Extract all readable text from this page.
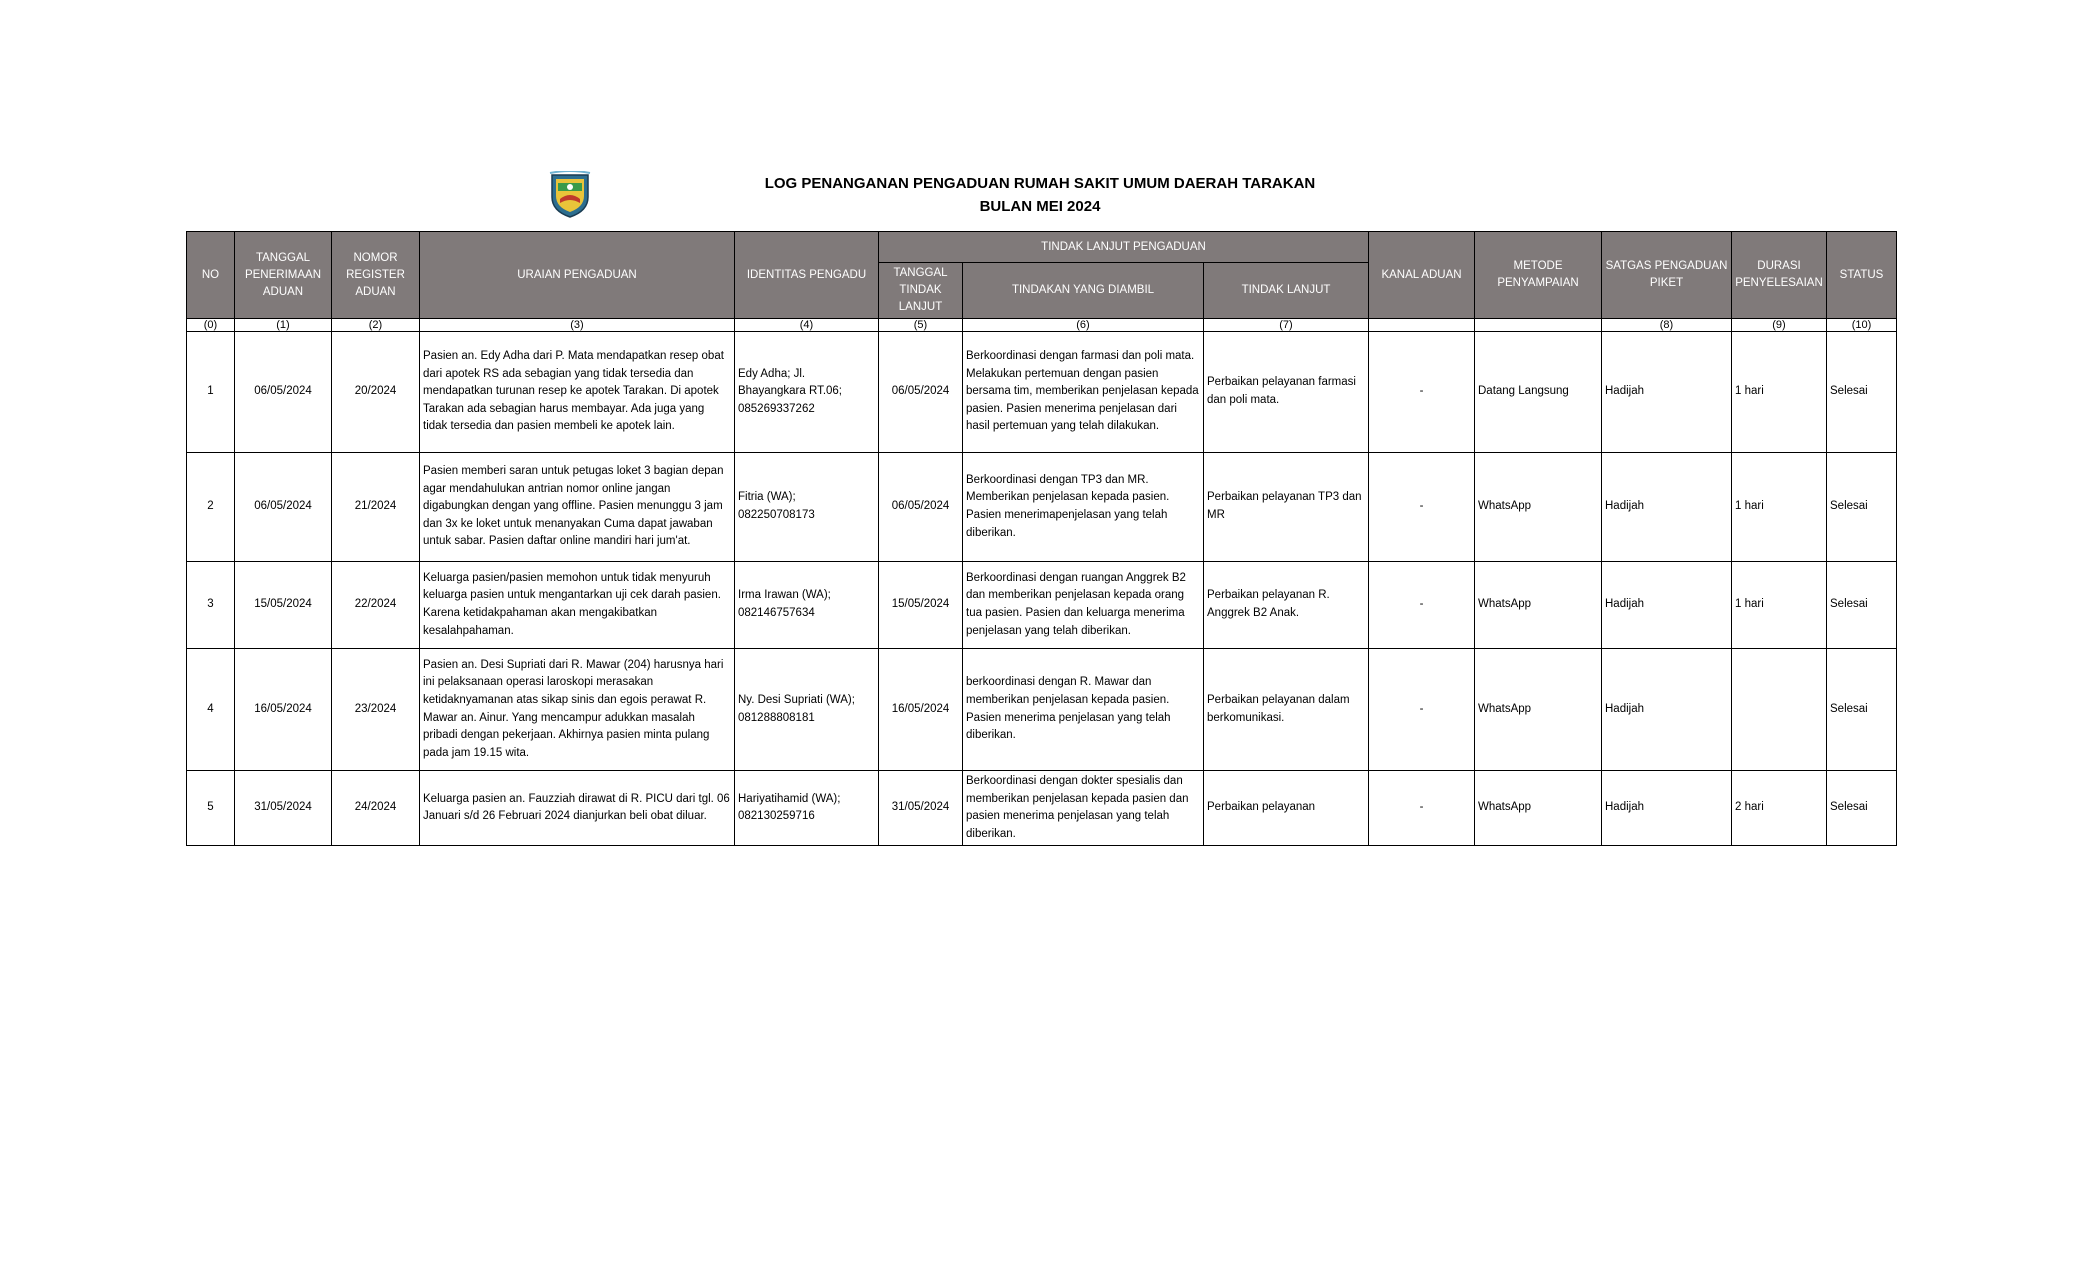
LOG PENANGANAN PENGADUAN RUMAH SAKIT UMUM DAERAH TARAKAN
BULAN MEI 2024
NO	TANGGAL PENERIMAAN ADUAN	NOMOR REGISTER ADUAN	URAIAN PENGADUAN	IDENTITAS PENGADU	TINDAK LANJUT PENGADUAN			KANAL ADUAN	METODE PENYAMPAIAN	SATGAS PENGADUAN PIKET	DURASI PENYELESAIAN	STATUS
					TANGGAL TINDAK LANJUT	TINDAKAN YANG DIAMBIL	TINDAK LANJUT					
(0)	(1)	(2)	(3)	(4)	(5)	(6)	(7)			(8)	(9)	(10)
1	06/05/2024	20/2024	Pasien an. Edy Adha dari P. Mata mendapatkan resep obat dari apotek RS ada sebagian yang tidak tersedia dan mendapatkan turunan resep ke apotek Tarakan. Di apotek Tarakan ada sebagian harus membayar. Ada juga yang tidak tersedia dan pasien membeli ke apotek lain.	Edy Adha; Jl. Bhayangkara RT.06; 085269337262	06/05/2024	Berkoordinasi dengan farmasi dan poli mata. Melakukan pertemuan dengan pasien bersama tim, memberikan penjelasan kepada pasien. Pasien menerima penjelasan dari hasil pertemuan yang telah dilakukan.	Perbaikan pelayanan farmasi dan poli mata.	-	Datang Langsung	Hadijah	1 hari	Selesai
2	06/05/2024	21/2024	Pasien memberi saran untuk petugas loket 3 bagian depan agar mendahulukan antrian nomor online jangan digabungkan dengan yang offline. Pasien menunggu 3 jam dan 3x ke loket untuk menanyakan Cuma dapat jawaban untuk sabar. Pasien daftar online mandiri hari jum'at.	Fitria (WA); 082250708173	06/05/2024	Berkoordinasi dengan TP3 dan MR. Memberikan penjelasan kepada pasien. Pasien menerimapenjelasan yang telah diberikan.	Perbaikan pelayanan TP3 dan MR	-	WhatsApp	Hadijah	1 hari	Selesai
3	15/05/2024	22/2024	Keluarga pasien/pasien memohon untuk tidak menyuruh keluarga pasien untuk mengantarkan uji cek darah pasien. Karena ketidakpahaman akan mengakibatkan kesalahpahaman.	Irma Irawan (WA); 082146757634	15/05/2024	Berkoordinasi dengan ruangan Anggrek B2 dan memberikan penjelasan kepada orang tua pasien. Pasien dan keluarga menerima penjelasan yang telah diberikan.	Perbaikan pelayanan R. Anggrek B2 Anak.	-	WhatsApp	Hadijah	1 hari	Selesai
4	16/05/2024	23/2024	Pasien an. Desi Supriati dari R. Mawar (204) harusnya hari ini pelaksanaan operasi laroskopi merasakan ketidaknyamanan atas sikap sinis dan egois perawat R. Mawar an. Ainur. Yang mencampur adukkan masalah pribadi dengan pekerjaan. Akhirnya pasien minta pulang pada jam 19.15 wita.	Ny. Desi Supriati (WA); 081288808181	16/05/2024	berkoordinasi dengan R. Mawar dan memberikan penjelasan kepada pasien. Pasien menerima penjelasan yang telah diberikan.	Perbaikan pelayanan dalam berkomunikasi.	-	WhatsApp	Hadijah		Selesai
5	31/05/2024	24/2024	Keluarga pasien an. Fauzziah dirawat di R. PICU dari tgl. 06 Januari s/d 26 Februari 2024 dianjurkan beli obat diluar.	Hariyatihamid (WA); 082130259716	31/05/2024	Berkoordinasi dengan dokter spesialis dan memberikan penjelasan kepada pasien dan pasien menerima penjelasan yang telah diberikan.	Perbaikan pelayanan	-	WhatsApp	Hadijah	2 hari	Selesai
